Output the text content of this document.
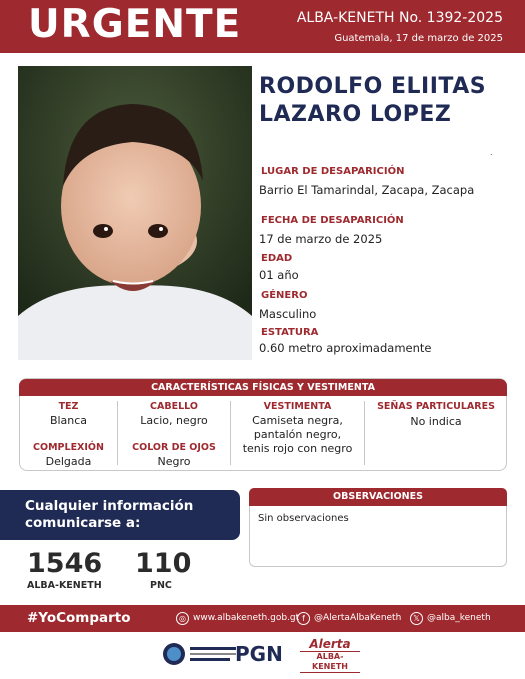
URGENTE	ALBA-KENETH No. 1392-2025
Guatemala, 17 de marzo de 2025
RODOLFO ELIITAS
LAZARO LOPEZ
.
LUGAR DE DESAPARICIÓN
Barrio El Tamarindal, Zacapa, Zacapa
FECHA DE DESAPARICIÓN
17 de marzo de 2025
EDAD
01 año
GÉNERO
Masculino
ESTATURA
0.60 metro aproximadamente
CARACTERÍSTICAS FÍSICAS Y VESTIMENTA
TEZ
Blanca
CABELLO
Lacio, negro
VESTIMENTA
Camiseta negra,
pantalón negro,
tenis rojo con negro
SEÑAS PARTICULARES
No indica
COMPLEXIÓN
Delgada
COLOR DE OJOS
Negro
Cualquier información
comunicarse a:
1546
ALBA-KENETH
110
PNC
OBSERVACIONES
Sin observaciones
#YoComparto	◎ www.albakeneth.gob.gt f	@AlertaAlbaKeneth	𝕏 @alba_keneth
PGN	Alerta
ALBA-KENETH
